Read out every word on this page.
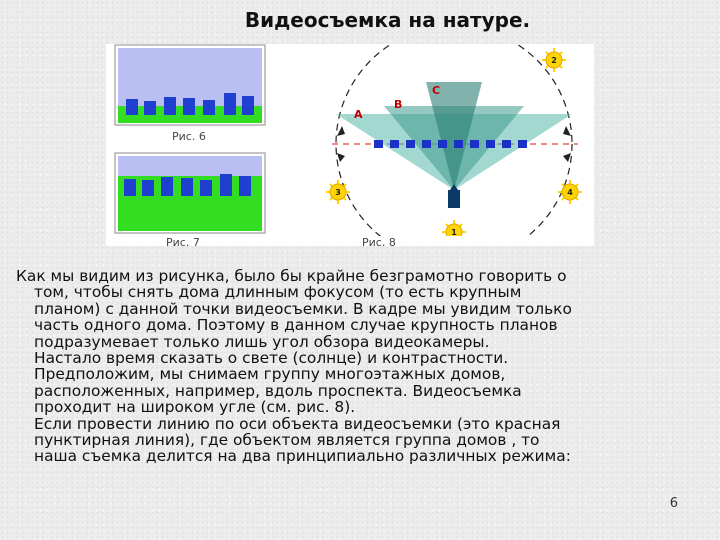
Видеосъемка на натуре.
Рис. 6
Рис. 7
2
3	4
1
A
B
C
Рис. 8

Как мы видим из рисунка, было бы крайне безграмотно говорить о

том, чтобы снять дома длинным фокусом (то есть крупным

планом) с данной точки видеосъемки. В кадре мы увидим только

часть одного дома. Поэтому в данном случае крупность планов

подразумевает только лишь угол обзора видеокамеры.

Настало время сказать о свете (солнце) и контрастности.

Предположим, мы снимаем группу многоэтажных домов,

расположенных, например, вдоль проспекта. Видеосъемка

проходит на широком угле (см. рис. 8).

Если провести линию по оси объекта видеосъемки (это красная

пунктирная линия), где объектом является группа домов , то

наша съемка делится на два принципиально различных режима:

6
